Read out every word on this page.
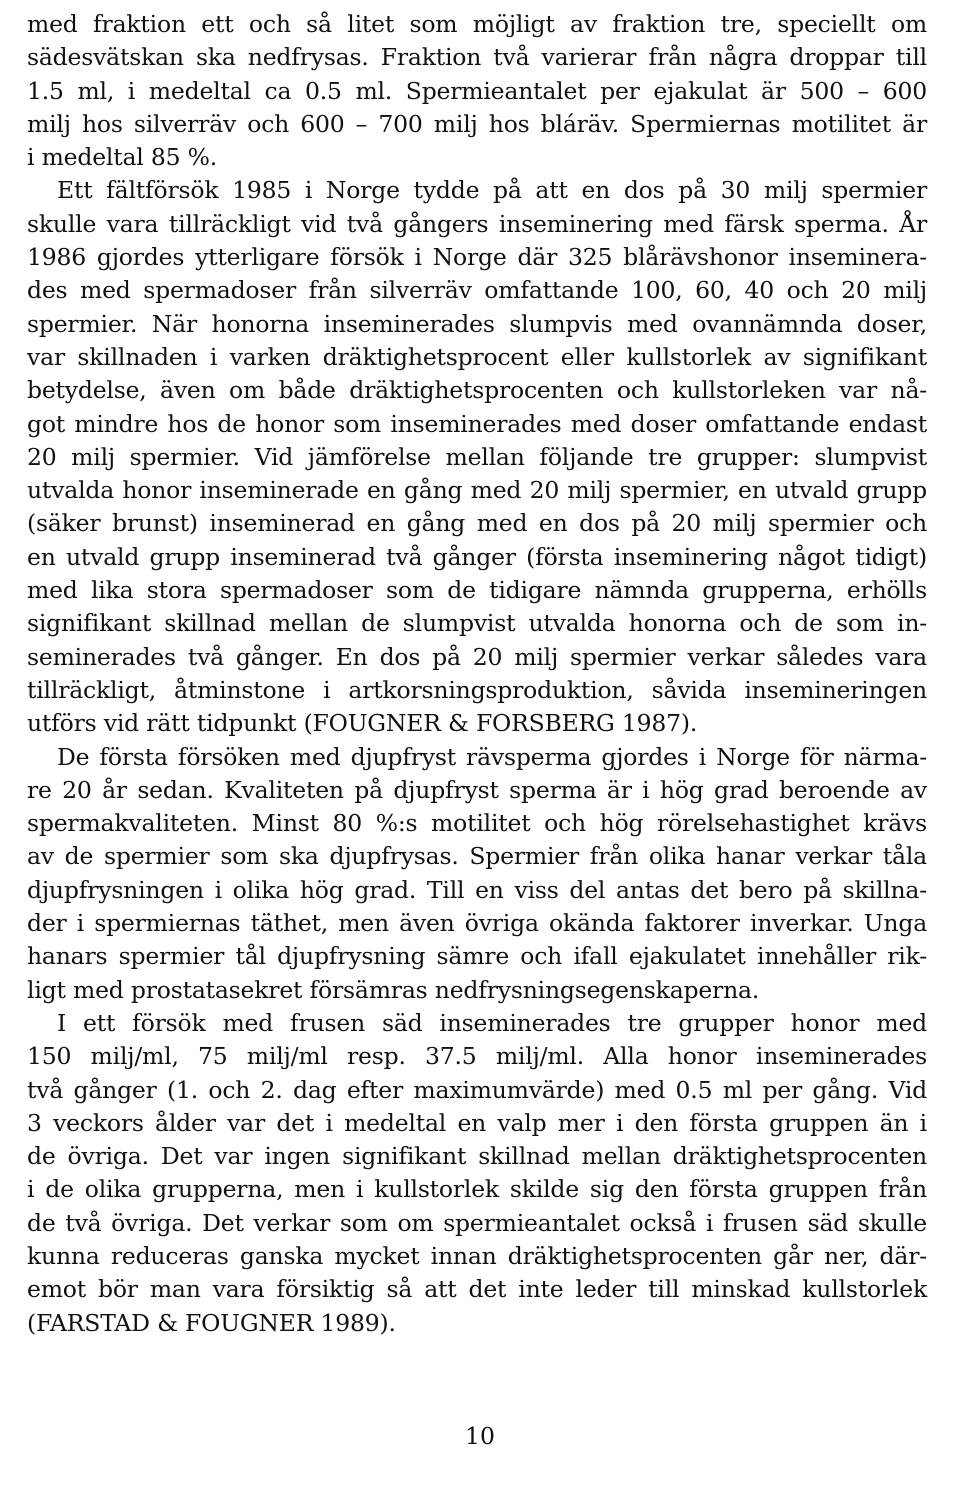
med fraktion ett och så litet som möjligt av fraktion tre, speciellt om
sädesvätskan ska nedfrysas. Fraktion två varierar från några droppar till
1.5 ml, i medeltal ca 0.5 ml. Spermieantalet per ejakulat är 500 – 600
milj hos silverräv och 600 – 700 milj hos bláräv. Spermiernas motilitet är
i medeltal 85 %.
Ett fältförsök 1985 i Norge tydde på att en dos på 30 milj spermier
skulle vara tillräckligt vid två gångers inseminering med färsk sperma. År
1986 gjordes ytterligare försök i Norge där 325 blårävshonor inseminera-
des med spermadoser från silverräv omfattande 100, 60, 40 och 20 milj
spermier. När honorna inseminerades slumpvis med ovannämnda doser,
var skillnaden i varken dräktighetsprocent eller kullstorlek av signifikant
betydelse, även om både dräktighetsprocenten och kullstorleken var nå-
got mindre hos de honor som inseminerades med doser omfattande endast
20 milj spermier. Vid jämförelse mellan följande tre grupper: slumpvist
utvalda honor inseminerade en gång med 20 milj spermier, en utvald grupp
(säker brunst) inseminerad en gång med en dos på 20 milj spermier och
en utvald grupp inseminerad två gånger (första inseminering något tidigt)
med lika stora spermadoser som de tidigare nämnda grupperna, erhölls
signifikant skillnad mellan de slumpvist utvalda honorna och de som in-
seminerades två gånger. En dos på 20 milj spermier verkar således vara
tillräckligt, åtminstone i artkorsningsproduktion, såvida insemineringen
utförs vid rätt tidpunkt (FOUGNER & FORSBERG 1987).
De första försöken med djupfryst rävsperma gjordes i Norge för närma-
re 20 år sedan. Kvaliteten på djupfryst sperma är i hög grad beroende av
spermakvaliteten. Minst 80 %:s motilitet och hög rörelsehastighet krävs
av de spermier som ska djupfrysas. Spermier från olika hanar verkar tåla
djupfrysningen i olika hög grad. Till en viss del antas det bero på skillna-
der i spermiernas täthet, men även övriga okända faktorer inverkar. Unga
hanars spermier tål djupfrysning sämre och ifall ejakulatet innehåller rik-
ligt med prostatasekret försämras nedfrysningsegenskaperna.
I ett försök med frusen säd inseminerades tre grupper honor med
150 milj/ml, 75 milj/ml resp. 37.5 milj/ml. Alla honor inseminerades
två gånger (1. och 2. dag efter maximumvärde) med 0.5 ml per gång. Vid
3 veckors ålder var det i medeltal en valp mer i den första gruppen än i
de övriga. Det var ingen signifikant skillnad mellan dräktighetsprocenten
i de olika grupperna, men i kullstorlek skilde sig den första gruppen från
de två övriga. Det verkar som om spermieantalet också i frusen säd skulle
kunna reduceras ganska mycket innan dräktighetsprocenten går ner, där-
emot bör man vara försiktig så att det inte leder till minskad kullstorlek
(FARSTAD & FOUGNER 1989).
10
